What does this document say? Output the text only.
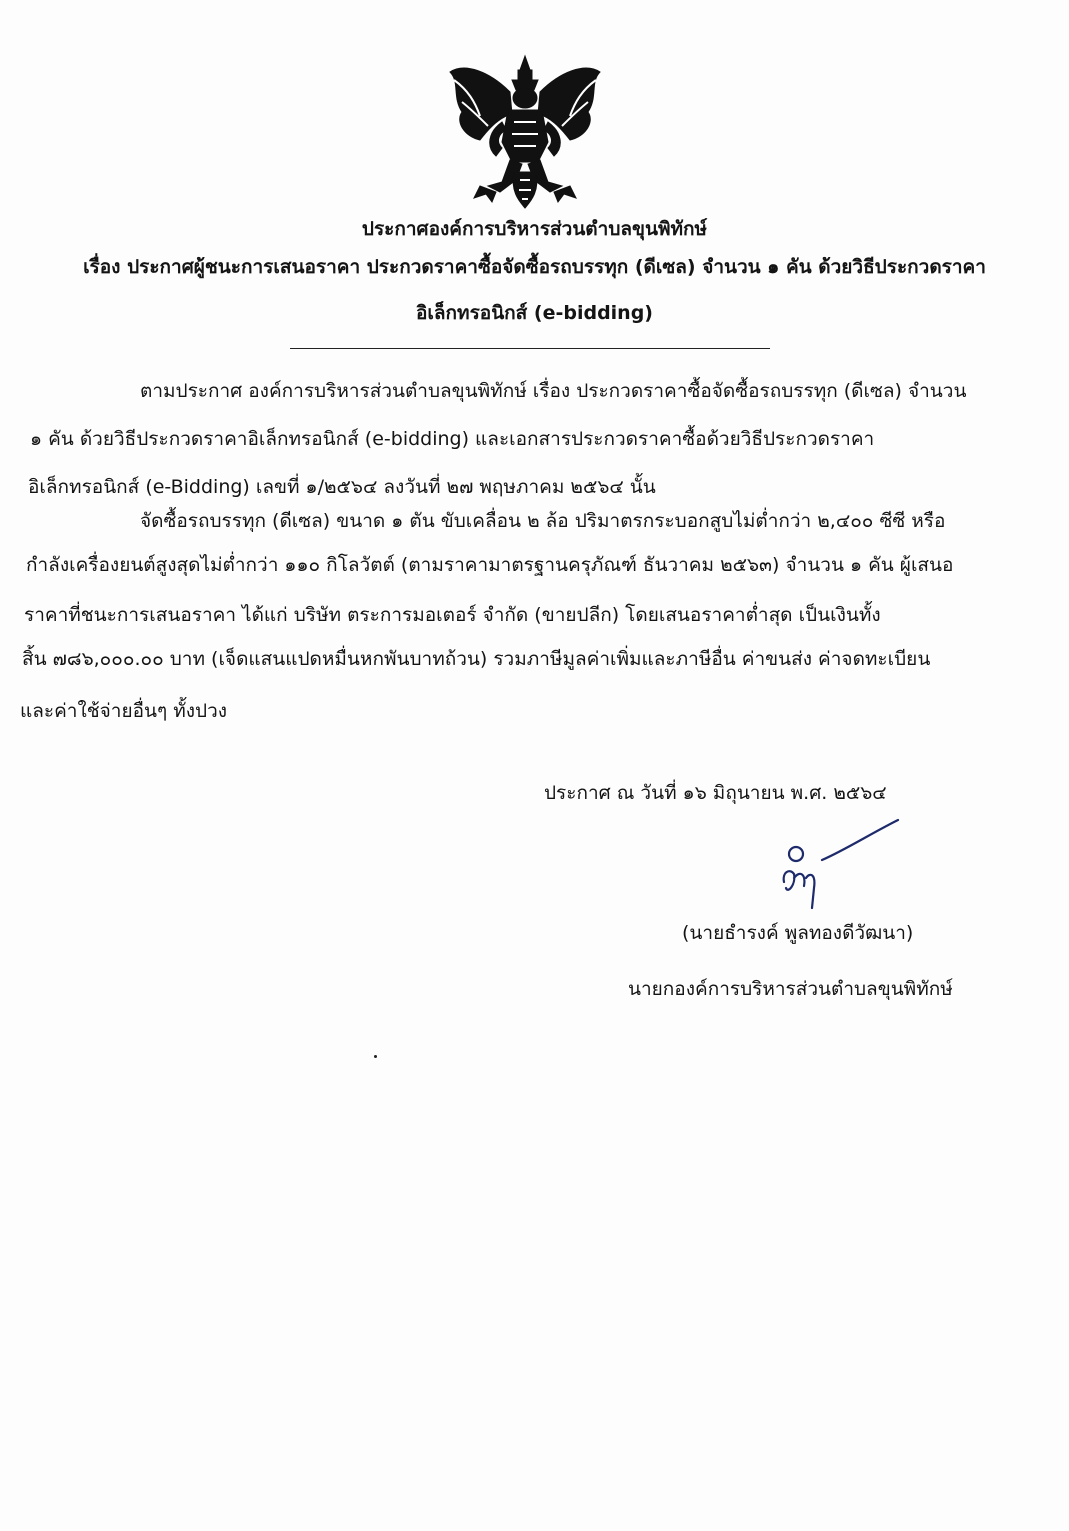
ประกาศองค์การบริหารส่วนตำบลขุนพิทักษ์
เรื่อง ประกาศผู้ชนะการเสนอราคา ประกวดราคาซื้อจัดซื้อรถบรรทุก (ดีเซล) จำนวน ๑ คัน ด้วยวิธีประกวดราคา
อิเล็กทรอนิกส์ (e-bidding)
ตามประกาศ องค์การบริหารส่วนตำบลขุนพิทักษ์ เรื่อง ประกวดราคาซื้อจัดซื้อรถบรรทุก (ดีเซล) จำนวน
๑ คัน ด้วยวิธีประกวดราคาอิเล็กทรอนิกส์ (e-bidding) และเอกสารประกวดราคาซื้อด้วยวิธีประกวดราคา
อิเล็กทรอนิกส์ (e-Bidding) เลขที่ ๑/๒๕๖๔ ลงวันที่ ๒๗ พฤษภาคม ๒๕๖๔ นั้น
จัดซื้อรถบรรทุก (ดีเซล) ขนาด ๑ ตัน ขับเคลื่อน ๒ ล้อ ปริมาตรกระบอกสูบไม่ต่ำกว่า ๒,๔๐๐ ซีซี หรือ
กำลังเครื่องยนต์สูงสุดไม่ต่ำกว่า ๑๑๐ กิโลวัตต์ (ตามราคามาตรฐานครุภัณฑ์ ธันวาคม ๒๕๖๓) จำนวน ๑ คัน ผู้เสนอ
ราคาที่ชนะการเสนอราคา ได้แก่ บริษัท ตระการมอเตอร์ จำกัด (ขายปลีก) โดยเสนอราคาต่ำสุด เป็นเงินทั้ง
สิ้น ๗๘๖,๐๐๐.๐๐ บาท (เจ็ดแสนแปดหมื่นหกพันบาทถ้วน) รวมภาษีมูลค่าเพิ่มและภาษีอื่น ค่าขนส่ง ค่าจดทะเบียน
และค่าใช้จ่ายอื่นๆ ทั้งปวง
ประกาศ ณ วันที่ ๑๖ มิถุนายน พ.ศ. ๒๕๖๔
(นายธำรงค์ พูลทองดีวัฒนา)
นายกองค์การบริหารส่วนตำบลขุนพิทักษ์
